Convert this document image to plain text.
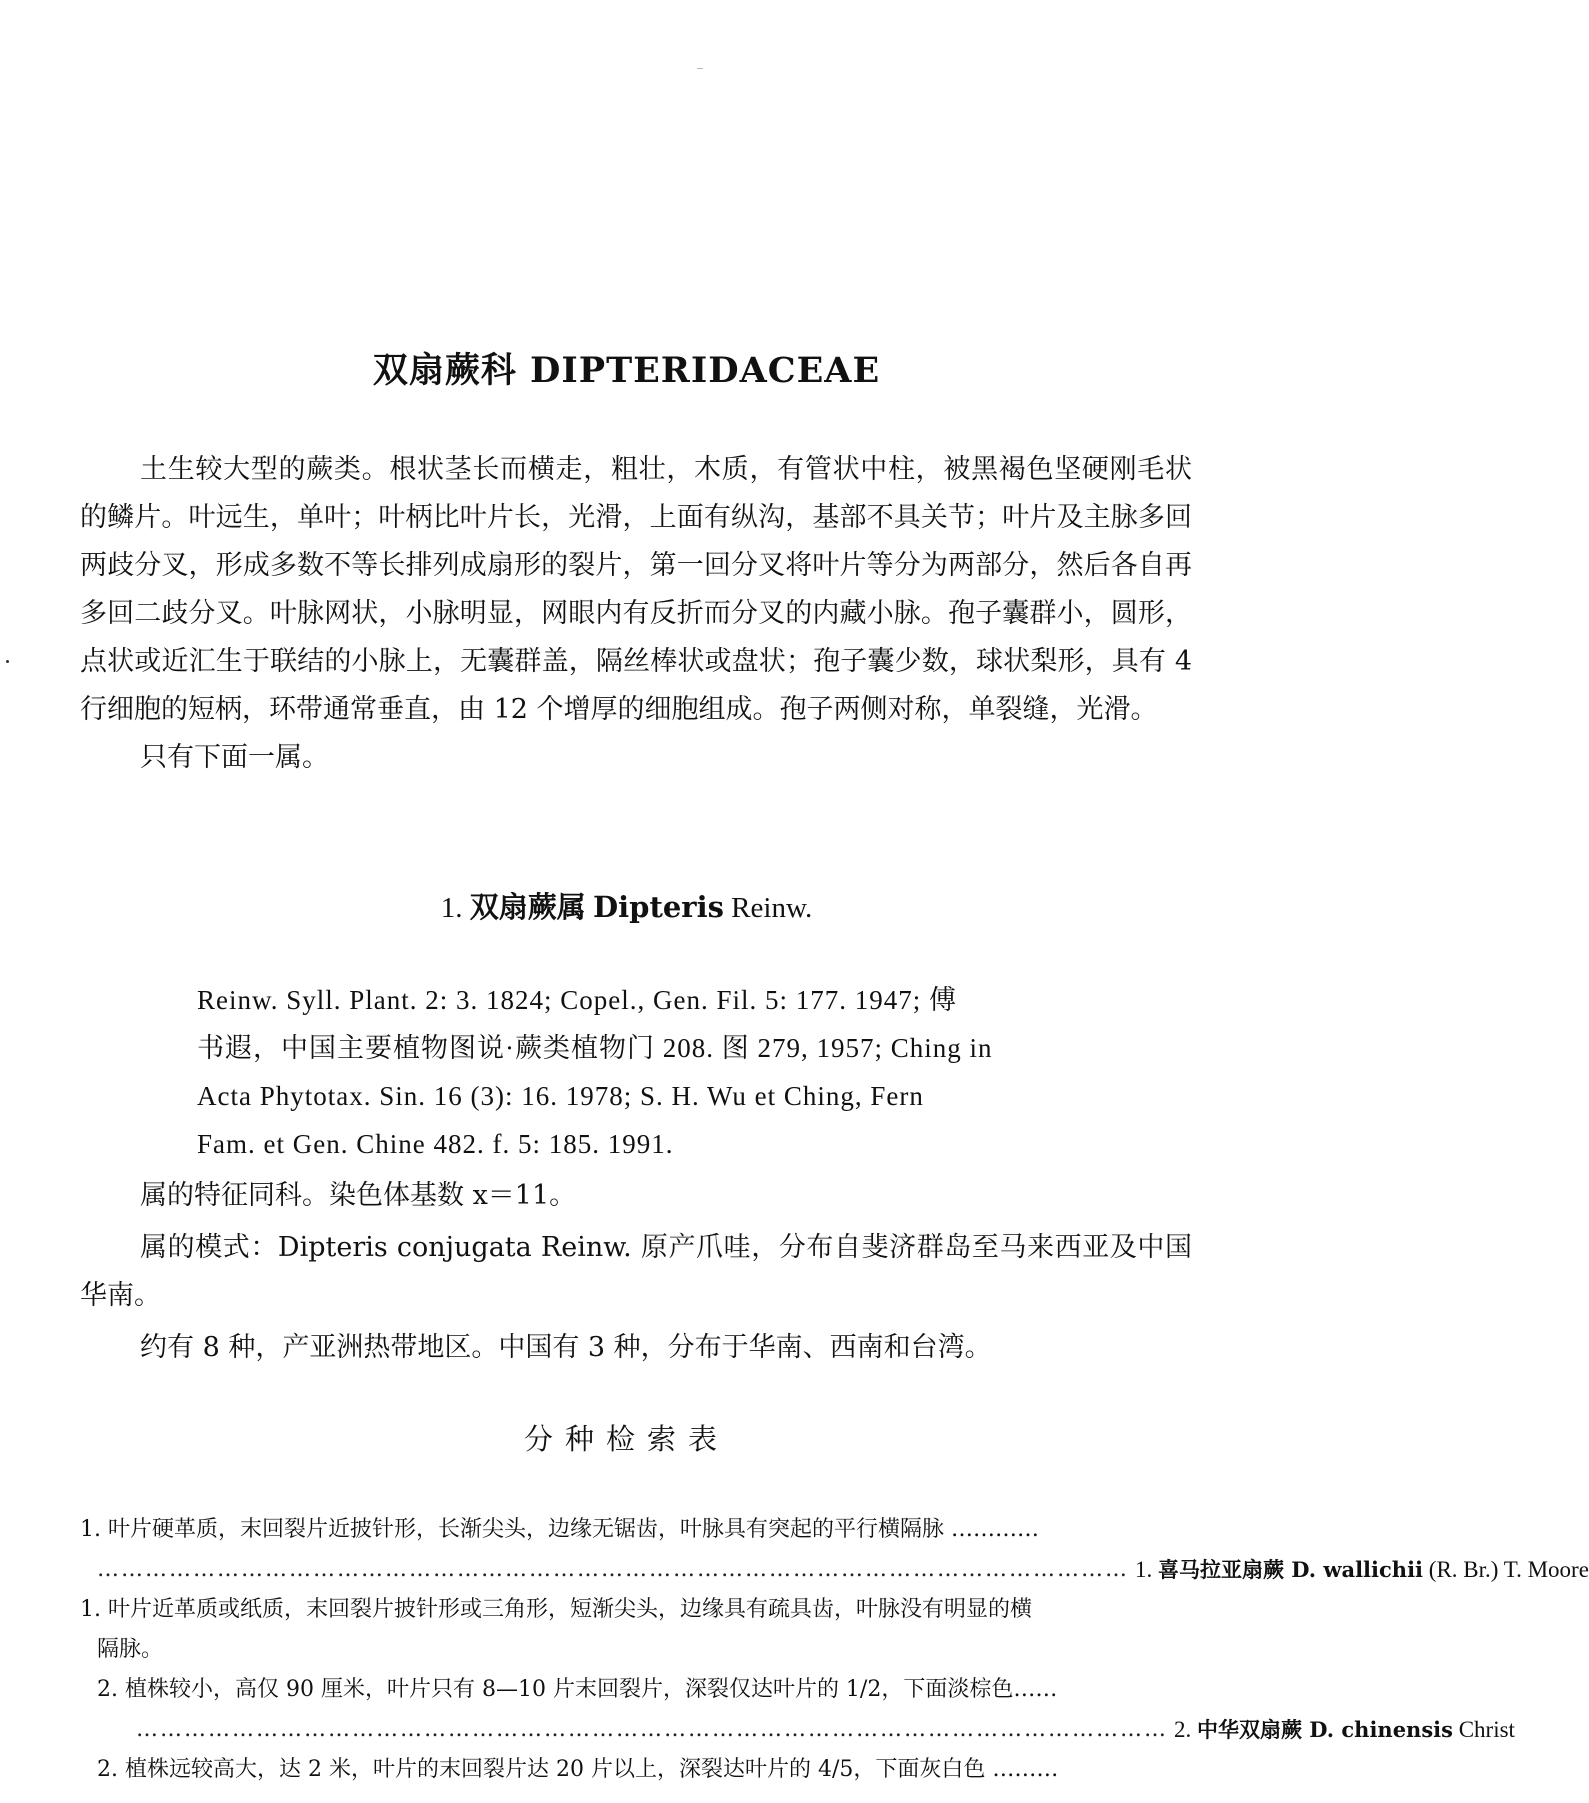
双扇蕨科 DIPTERIDACEAE

土生较大型的蕨类。根状茎长而横走，粗壮，木质，有管状中柱，被黑褐色坚硬刚毛状的鳞片。叶远生，单叶；叶柄比叶片长，光滑，上面有纵沟，基部不具关节；叶片及主脉多回两歧分叉，形成多数不等长排列成扇形的裂片，第一回分叉将叶片等分为两部分，然后各自再多回二歧分叉。叶脉网状，小脉明显，网眼内有反折而分叉的内藏小脉。孢子囊群小，圆形，点状或近汇生于联结的小脉上，无囊群盖，隔丝棒状或盘状；孢子囊少数，球状梨形，具有 4 行细胞的短柄，环带通常垂直，由 12 个增厚的细胞组成。孢子两侧对称，单裂缝，光滑。

只有下面一属。

1. 双扇蕨属 Dipteris Reinw.
Reinw. Syll. Plant. 2: 3. 1824; Copel., Gen. Fil. 5: 177. 1947; 傅
书遐，中国主要植物图说·蕨类植物门 208. 图 279, 1957; Ching in
Acta Phytotax. Sin. 16 (3): 16. 1978; S. H. Wu et Ching, Fern
Fam. et Gen. Chine 482. f. 5: 185. 1991.

属的特征同科。染色体基数 x＝11。

属的模式：Dipteris conjugata Reinw. 原产爪哇，分布自斐济群岛至马来西亚及中国华南。

约有 8 种，产亚洲热带地区。中国有 3 种，分布于华南、西南和台湾。

分种检索表
1. 叶片硬革质，末回裂片近披针形，长渐尖头，边缘无锯齿，叶脉具有突起的平行横隔脉 …………
………………………………………………………………………………………………………………… 1. 喜马拉亚扇蕨 D. wallichii (R. Br.) T. Moore
1. 叶片近革质或纸质，末回裂片披针形或三角形，短渐尖头，边缘具有疏具齿，叶脉没有明显的横
隔脉。
2. 植株较小，高仅 90 厘米，叶片只有 8—10 片末回裂片，深裂仅达叶片的 1/2，下面淡棕色……
………………………………………………………………………………………………………………… 2. 中华双扇蕨 D. chinensis Christ
2. 植株远较高大，达 2 米，叶片的末回裂片达 20 片以上，深裂达叶片的 4/5，下面灰白色 ………
